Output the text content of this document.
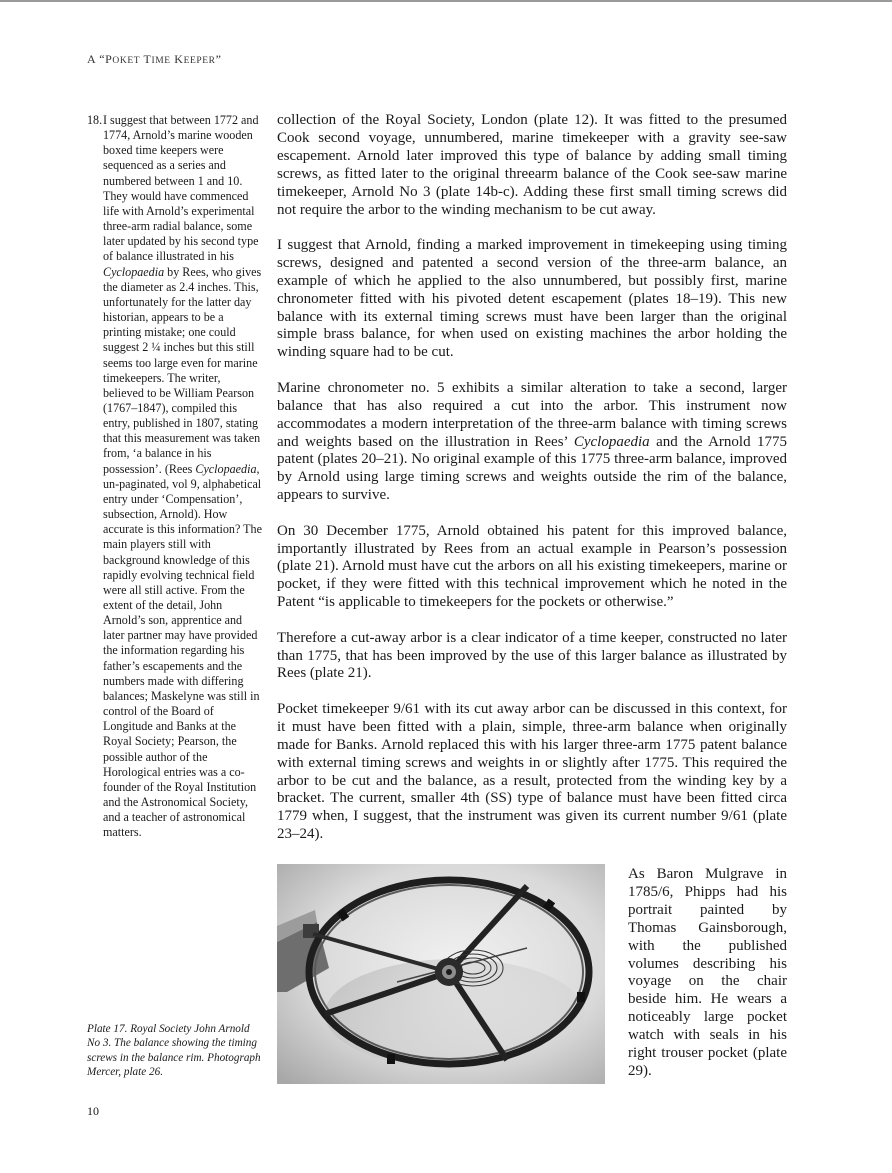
A “POKET TIME KEEPER”
18. I suggest that between 1772 and 1774, Arnold’s marine wooden boxed time keepers were sequenced as a series and numbered between 1 and 10. They would have commenced life with Arnold’s experimental three-arm radial balance, some later updated by his second type of balance illustrated in his Cyclopaedia by Rees, who gives the diameter as 2.4 inches. This, unfortunately for the latter day historian, appears to be a printing mistake; one could suggest 2 ¼ inches but this still seems too large even for marine timekeepers. The writer, believed to be William Pearson (1767–1847), compiled this entry, published in 1807, stating that this measurement was taken from, ‘a balance in his possession’. (Rees Cyclopaedia, un-paginated, vol 9, alphabetical entry under ‘Compensation’, subsection, Arnold). How accurate is this information? The main players still with background knowledge of this rapidly evolving technical field were all still active. From the extent of the detail, John Arnold’s son, apprentice and later partner may have provided the information regarding his father’s escapements and the numbers made with differing balances; Maskelyne was still in control of the Board of Longitude and Banks at the Royal Society; Pearson, the possible author of the Horological entries was a co-founder of the Royal Institution and the Astronomical Society, and a teacher of astronomical matters.

Plate 17. Royal Society John Arnold No 3. The balance showing the timing screws in the balance rim. Photograph Mercer, plate 26.

collection of the Royal Society, London (plate 12). It was fitted to the presumed Cook second voyage, unnumbered, marine timekeeper with a gravity see-saw escapement. Arnold later improved this type of balance by adding small timing screws, as fitted later to the original threearm balance of the Cook see-saw marine timekeeper, Arnold No 3 (plate 14b-c). Adding these first small timing screws did not require the arbor to the winding mechanism to be cut away.

I suggest that Arnold, finding a marked improvement in timekeeping using timing screws, designed and patented a second version of the three-arm balance, an example of which he applied to the also unnumbered, but possibly first, marine chronometer fitted with his pivoted detent escapement (plates 18–19). This new balance with its external timing screws must have been larger than the original simple brass balance, for when used on existing machines the arbor holding the winding square had to be cut.

Marine chronometer no. 5 exhibits a similar alteration to take a second, larger balance that has also required a cut into the arbor. This instrument now accommodates a modern interpretation of the three-arm balance with timing screws and weights based on the illustration in Rees’ Cyclopaedia and the Arnold 1775 patent (plates 20–21). No original example of this 1775 three-arm balance, improved by Arnold using large timing screws and weights outside the rim of the balance, appears to survive.

On 30 December 1775, Arnold obtained his patent for this improved balance, importantly illustrated by Rees from an actual example in Pearson’s possession (plate 21). Arnold must have cut the arbors on all his existing timekeepers, marine or pocket, if they were fitted with this technical improvement which he noted in the Patent “is applicable to timekeepers for the pockets or otherwise.”

Therefore a cut-away arbor is a clear indicator of a time keeper, constructed no later than 1775, that has been improved by the use of this larger balance as illustrated by Rees (plate 21).

Pocket timekeeper 9/61 with its cut away arbor can be discussed in this context, for it must have been fitted with a plain, simple, three-arm balance when originally made for Banks. Arnold replaced this with his larger three-arm 1775 patent balance with external timing screws and weights in or slightly after 1775. This required the arbor to be cut and the balance, as a result, protected from the winding key by a bracket. The current, smaller 4th (SS) type of balance must have been fitted circa 1779 when, I suggest, that the instrument was given its current number 9/61 (plate 23–24).

As Baron Mulgrave in 1785/6, Phipps had his portrait painted by Thomas Gainsborough, with the published volumes describing his voyage on the chair beside him. He wears a noticeably large pocket watch with seals in his right trouser pocket (plate 29).

10
